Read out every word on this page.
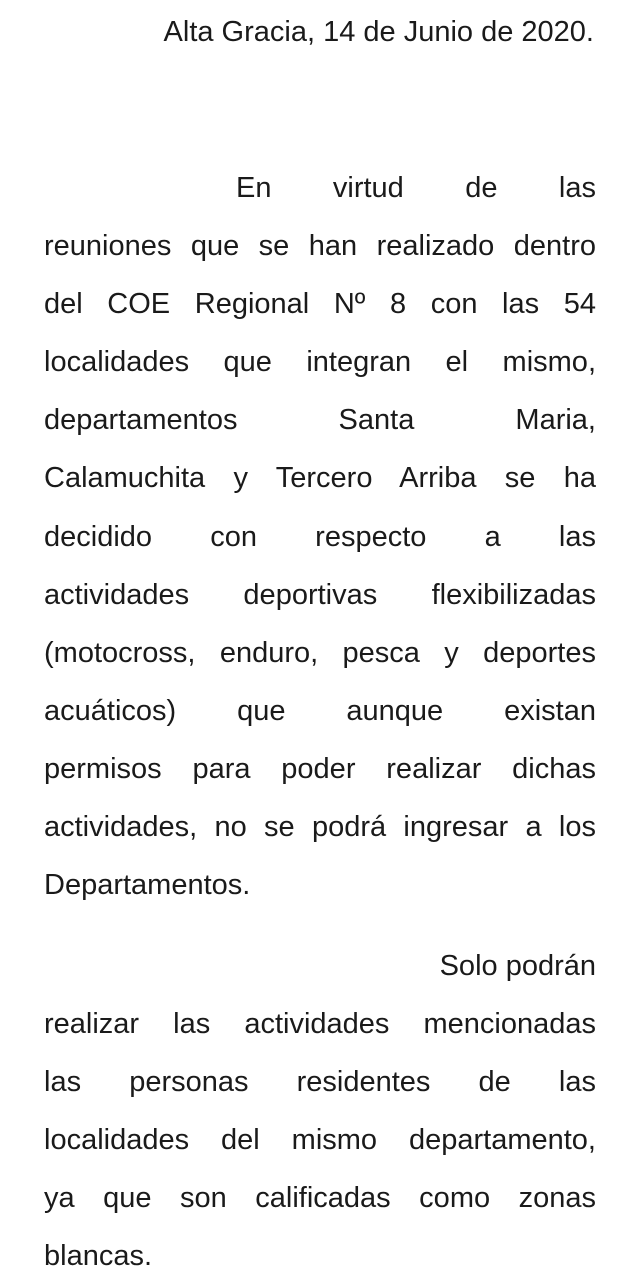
Alta Gracia, 14 de Junio de 2020.
En virtud de las
reuniones que se han realizado dentro
del COE Regional Nº 8 con las 54
localidades que integran el mismo,
departamentos Santa Maria,
Calamuchita y Tercero Arriba se ha
decidido con respecto a las
actividades deportivas flexibilizadas
(motocross, enduro, pesca y deportes
acuáticos) que aunque existan
permisos para poder realizar dichas
actividades, no se podrá ingresar a los
Departamentos.
Solo podrán
realizar las actividades mencionadas
las personas residentes de las
localidades del mismo departamento,
ya que son calificadas como zonas
blancas.
